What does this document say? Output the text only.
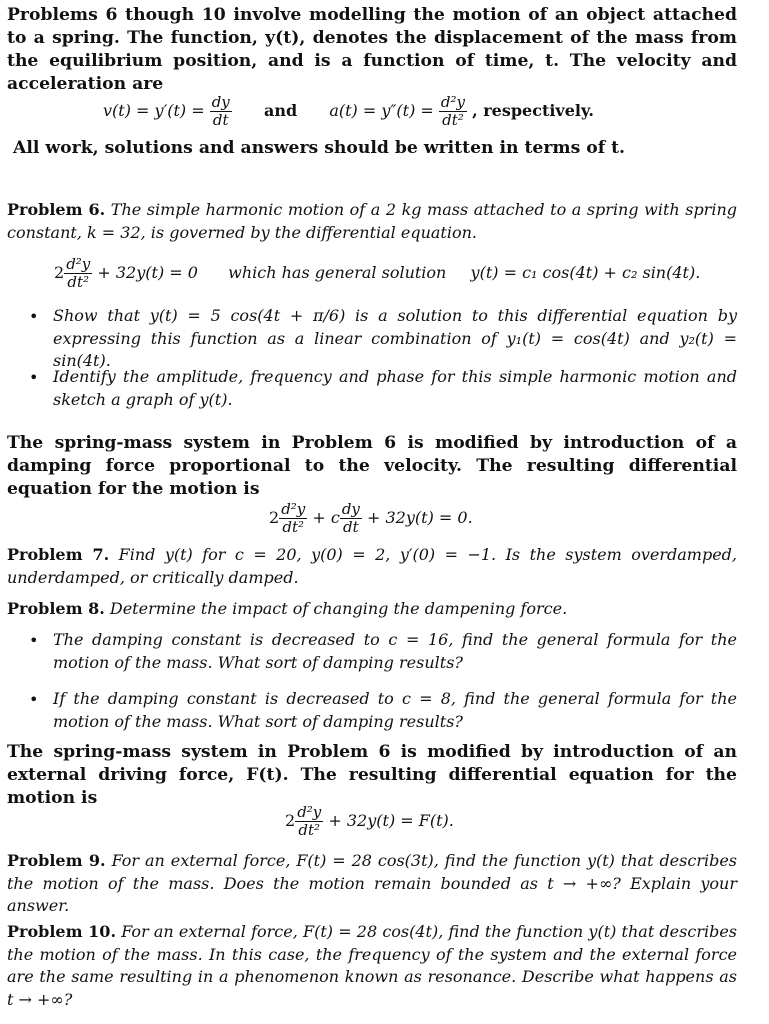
Problems 6 though 10 involve modelling the motion of an object attached to a spring. The function, y(t), denotes the displacement of the mass from the equilibrium position, and is a function of time, t. The velocity and acceleration are

$v(t) = y'(t) = \frac{dy}{dt}$ and $a(t) = y''(t) = \frac{\text{d²y}}{\text{dt²}}$ , respectively.

All work, solutions and answers should be written in terms of t.

Problem 6. The simple harmonic motion of a 2 kg mass attached to a spring with spring constant, k = 32, is governed by the differential equation.

$2 \frac{\text{d²y}}{\text{dt²}} + 32y(t) = 0$ which has general solution y(t) = c₁ cos(4t) + c₂ sin(4t).
• Show that y(t) = 5 cos(4t + π/6) is a solution to this differential equation by expressing this function as a linear combination of y₁(t) = cos(4t) and y₂(t) = sin(4t).
• Identify the amplitude, frequency and phase for this simple harmonic motion and sketch a graph of y(t).

The spring-mass system in Problem 6 is modified by introduction of a damping force proportional to the velocity. The resulting differential equation for the motion is

$2 \frac{\text{d²y}}{\text{dt²}} + c \frac{dy}{dt} + 32y(t) = 0$.

Problem 7. Find y(t) for c = 20, y(0) = 2, y′(0) = −1. Is the system overdamped, underdamped, or critically damped.

Problem 8. Determine the impact of changing the dampening force.

• The damping constant is decreased to c = 16, find the general formula for the motion of the mass. What sort of damping results?
• If the damping constant is decreased to c = 8, find the general formula for the motion of the mass. What sort of damping results?

The spring-mass system in Problem 6 is modified by introduction of an external driving force, F(t). The resulting differential equation for the motion is

$2 \frac{\text{d²y}}{\text{dt²}} + 32y(t) = F(t)$.

Problem 9. For an external force, F(t) = 28 cos(3t), find the function y(t) that describes the motion of the mass. Does the motion remain bounded as t → +∞? Explain your answer.

Problem 10. For an external force, F(t) = 28 cos(4t), find the function y(t) that describes the motion of the mass. In this case, the frequency of the system and the external force are the same resulting in a phenomenon known as resonance. Describe what happens as t → +∞?
